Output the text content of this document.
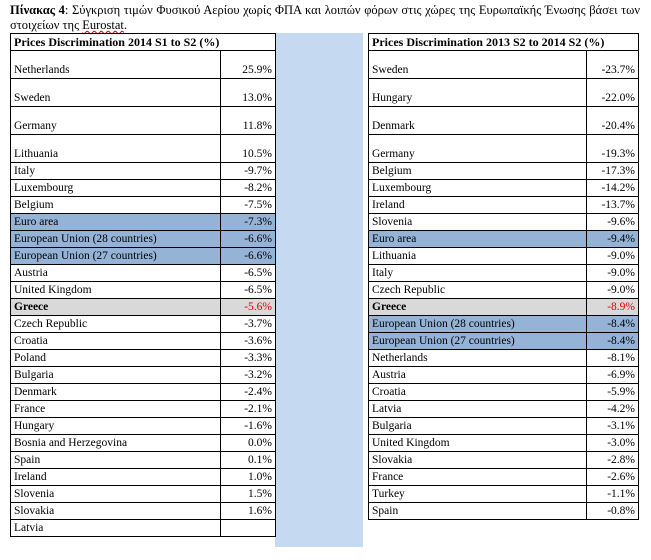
Πίνακας 4: Σύγκριση τιμών Φυσικού Αερίου χωρίς ΦΠΑ και λοιπών φόρων στις χώρες της Ευρωπαϊκής Ένωσης βάσει των στοιχείων της Eurostat.
Prices Discrimination 2014 S1 to S2 (%)	
Netherlands	25.9%
Sweden	13.0%
Germany	11.8%
Lithuania	10.5%
Italy	-9.7%
Luxembourg	-8.2%
Belgium	-7.5%
Euro area	-7.3%
European Union (28 countries)	-6.6%
European Union (27 countries)	-6.6%
Austria	-6.5%
United Kingdom	-6.5%
Greece	-5.6%
Czech Republic	-3.7%
Croatia	-3.6%
Poland	-3.3%
Bulgaria	-3.2%
Denmark	-2.4%
France	-2.1%
Hungary	-1.6%
Bosnia and Herzegovina	0.0%
Spain	0.1%
Ireland	1.0%
Slovenia	1.5%
Slovakia	1.6%
Latvia	
Prices Discrimination 2013 S2 to 2014 S2 (%)	
Sweden	-23.7%
Hungary	-22.0%
Denmark	-20.4%
Germany	-19.3%
Belgium	-17.3%
Luxembourg	-14.2%
Ireland	-13.7%
Slovenia	-9.6%
Euro area	-9.4%
Lithuania	-9.0%
Italy	-9.0%
Czech Republic	-9.0%
Greece	-8.9%
European Union (28 countries)	-8.4%
European Union (27 countries)	-8.4%
Netherlands	-8.1%
Austria	-6.9%
Croatia	-5.9%
Latvia	-4.2%
Bulgaria	-3.1%
United Kingdom	-3.0%
Slovakia	-2.8%
France	-2.6%
Turkey	-1.1%
Spain	-0.8%
